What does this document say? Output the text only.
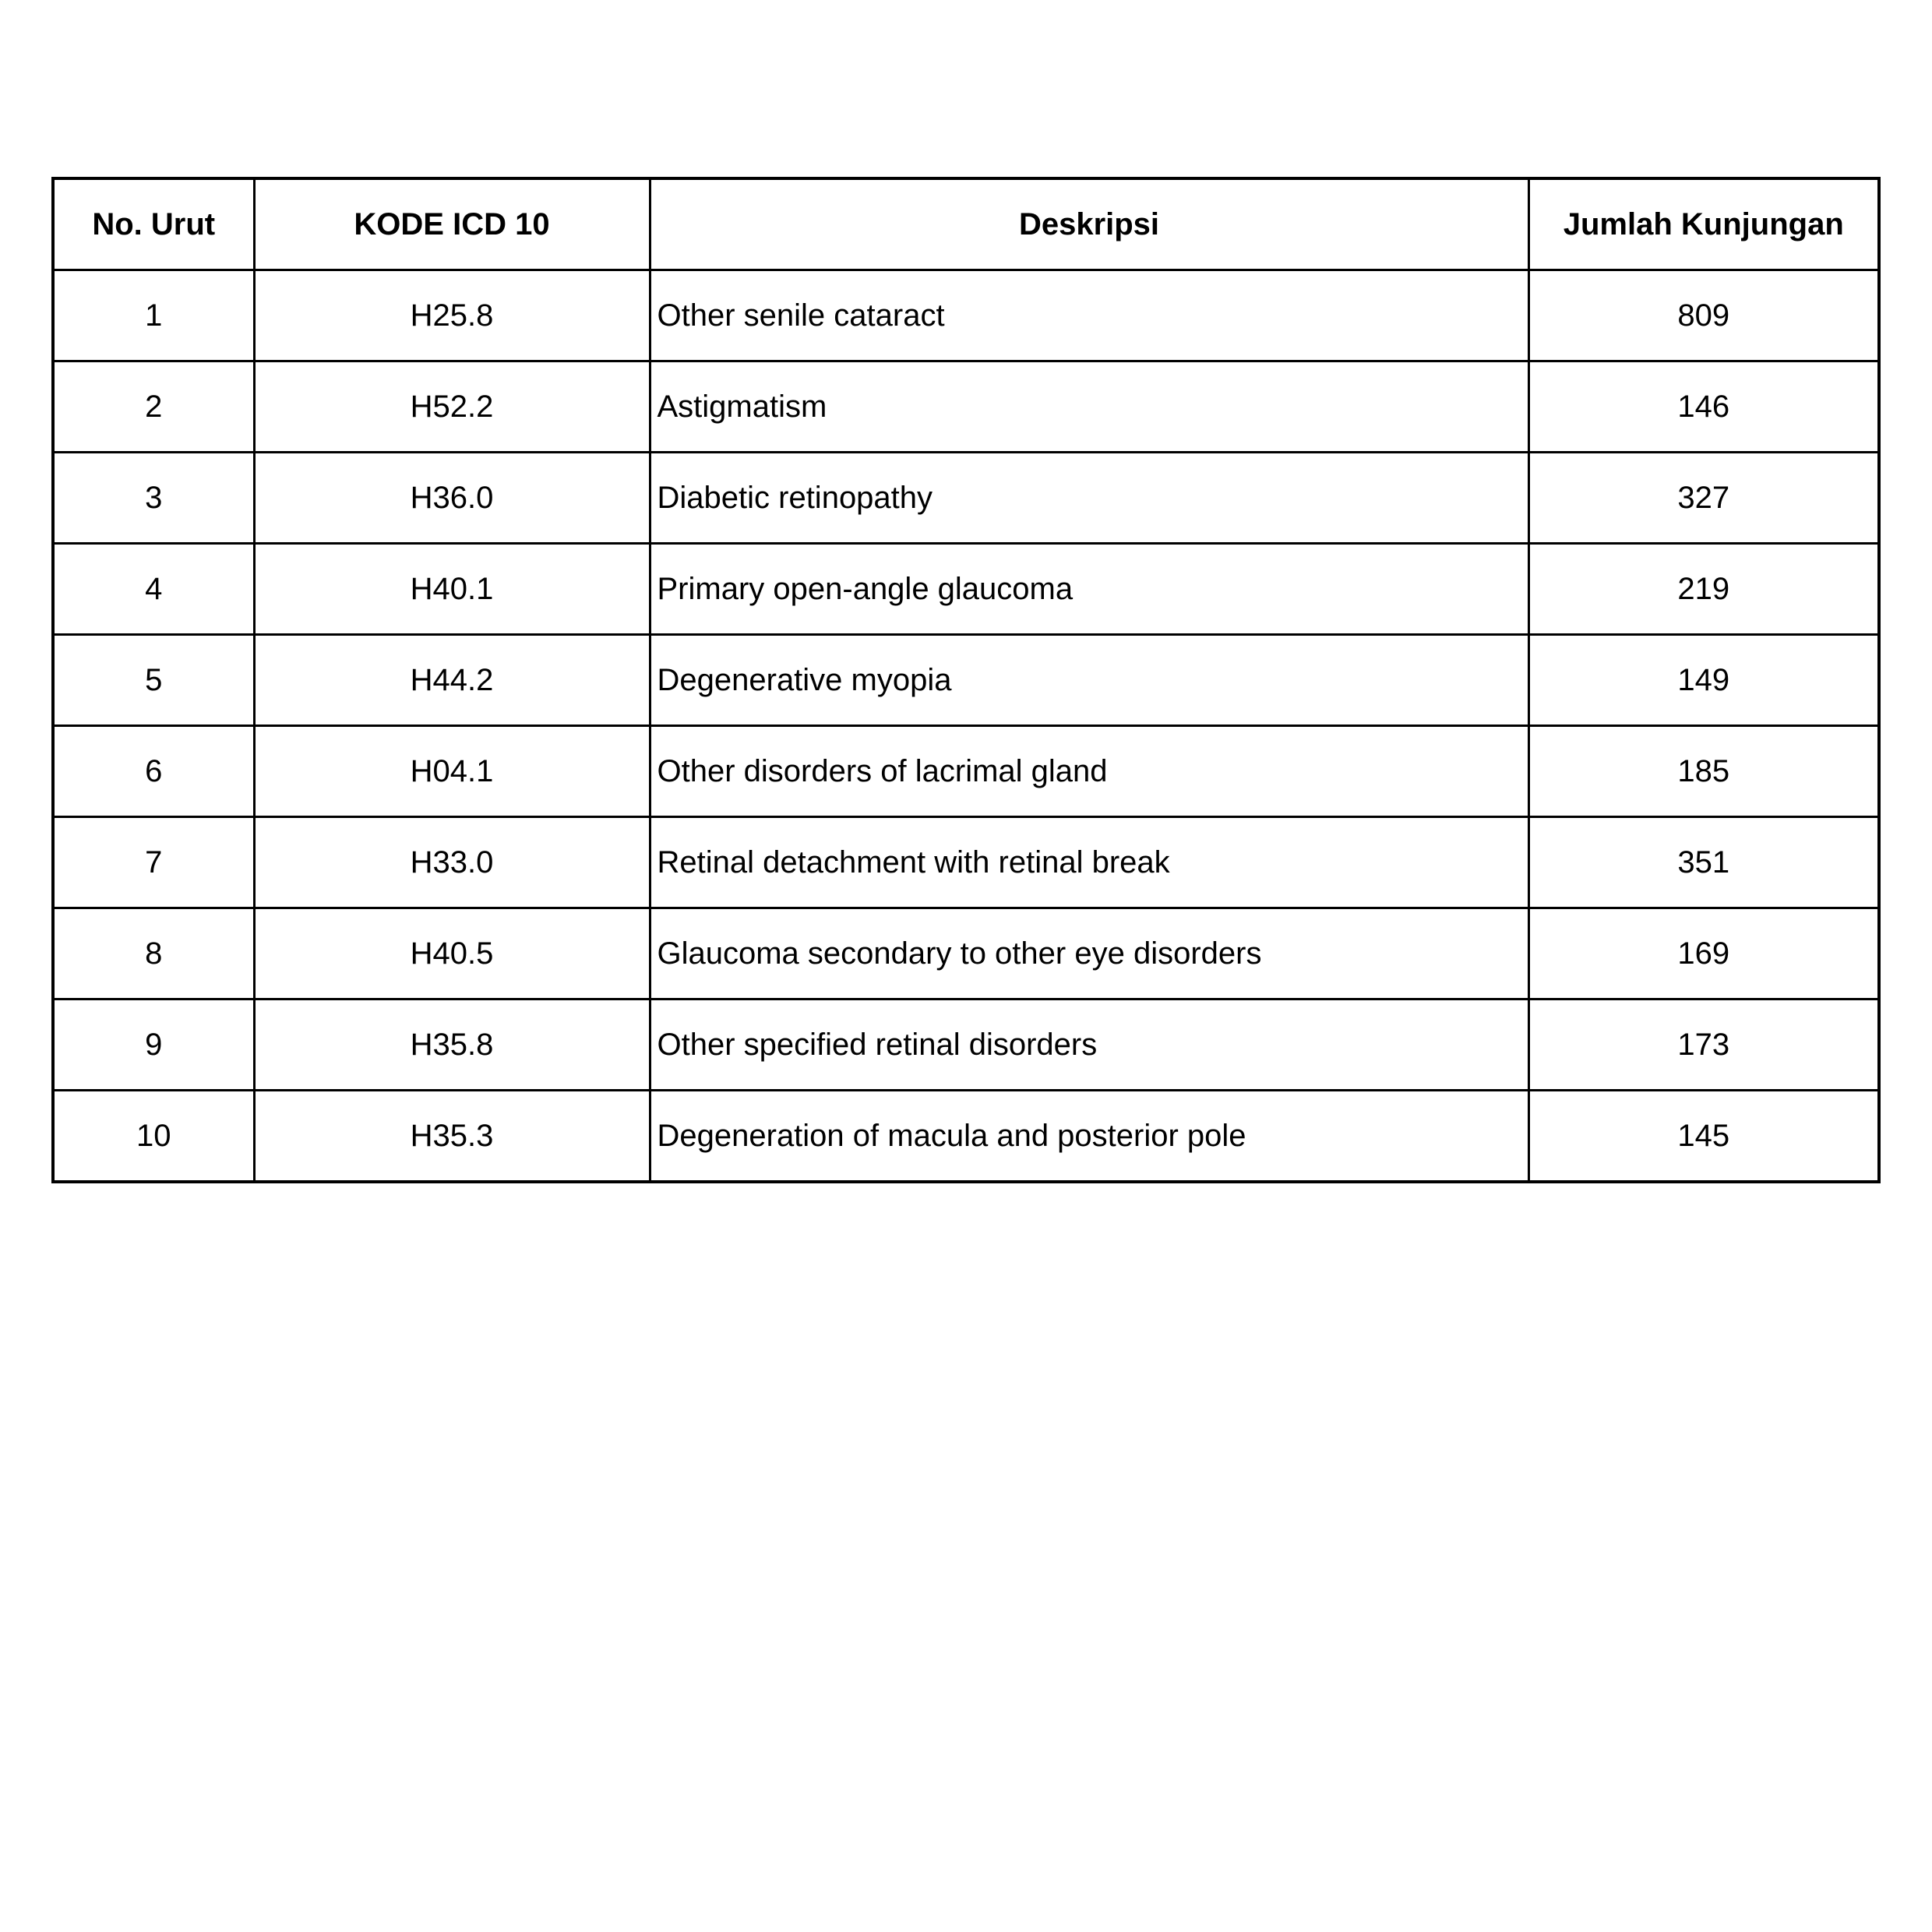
No. Urut	KODE ICD 10	Deskripsi	Jumlah Kunjungan
1	H25.8	Other senile cataract	809
2	H52.2	Astigmatism	146
3	H36.0	Diabetic retinopathy	327
4	H40.1	Primary open-angle glaucoma	219
5	H44.2	Degenerative myopia	149
6	H04.1	Other disorders of lacrimal gland	185
7	H33.0	Retinal detachment with retinal break	351
8	H40.5	Glaucoma secondary to other eye disorders	169
9	H35.8	Other specified retinal disorders	173
10	H35.3	Degeneration of macula and posterior pole	145
